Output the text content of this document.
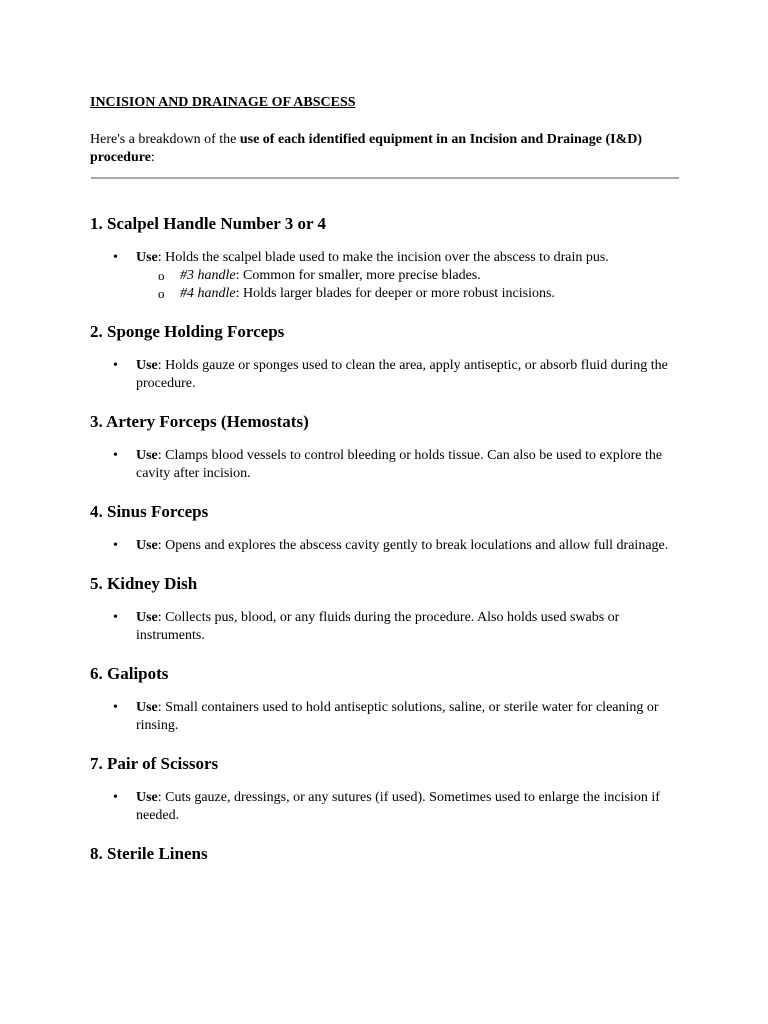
INCISION AND DRAINAGE OF ABSCESS

Here's a breakdown of the use of each identified equipment in an Incision and Drainage (I&D) procedure:

1. Scalpel Handle Number 3 or 4
• Use: Holds the scalpel blade used to make the incision over the abscess to drain pus.
o #3 handle: Common for smaller, more precise blades.
o #4 handle: Holds larger blades for deeper or more robust incisions.
2. Sponge Holding Forceps
• Use: Holds gauze or sponges used to clean the area, apply antiseptic, or absorb fluid during the procedure.
3. Artery Forceps (Hemostats)
• Use: Clamps blood vessels to control bleeding or holds tissue. Can also be used to explore the cavity after incision.
4. Sinus Forceps
• Use: Opens and explores the abscess cavity gently to break loculations and allow full drainage.
5. Kidney Dish
• Use: Collects pus, blood, or any fluids during the procedure. Also holds used swabs or instruments.
6. Galipots
• Use: Small containers used to hold antiseptic solutions, saline, or sterile water for cleaning or rinsing.
7. Pair of Scissors
• Use: Cuts gauze, dressings, or any sutures (if used). Sometimes used to enlarge the incision if needed.
8. Sterile Linens
